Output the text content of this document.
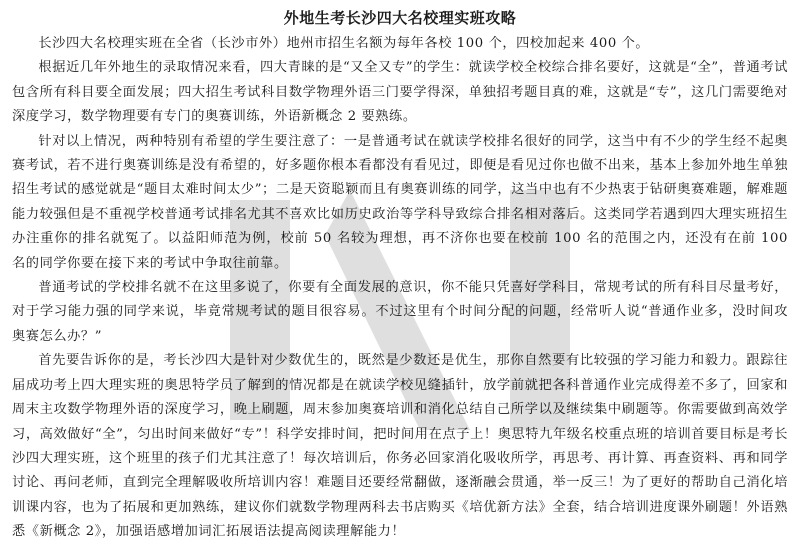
外地生考长沙四大名校理实班攻略

长沙四大名校理实班在全省（长沙市外）地州市招生名额为每年各校 100 个，四校加起来 400 个。

根据近几年外地生的录取情况来看，四大青睐的是“又全又专”的学生：就读学校全校综合排名要好，这就是“全”，普通考试包含所有科目要全面发展；四大招生考试科目数学物理外语三门要学得深，单独招考题目真的难，这就是“专”，这几门需要绝对深度学习，数学物理要有专门的奥赛训练，外语新概念 2 要熟练。

针对以上情况，两种特别有希望的学生要注意了：一是普通考试在就读学校排名很好的同学，这当中有不少的学生经不起奥赛考试，若不进行奥赛训练是没有希望的，好多题你根本看都没有看见过，即便是看见过你也做不出来，基本上参加外地生单独招生考试的感觉就是“题目太难时间太少”；二是天资聪颖而且有奥赛训练的同学，这当中也有不少热衷于钻研奥赛难题，解难题能力较强但是不重视学校普通考试排名尤其不喜欢比如历史政治等学科导致综合排名相对落后。这类同学若遇到四大理实班招生办注重你的排名就冤了。以益阳师范为例，校前 50 名较为理想，再不济你也要在校前 100 名的范围之内，还没有在前 100 名的同学你要在接下来的考试中争取往前靠。

普通考试的学校排名就不在这里多说了，你要有全面发展的意识，你不能只凭喜好学科目，常规考试的所有科目尽量考好，对于学习能力强的同学来说，毕竟常规考试的题目很容易。不过这里有个时间分配的问题，经常听人说“普通作业多，没时间攻奥赛怎么办？”

首先要告诉你的是，考长沙四大是针对少数优生的，既然是少数还是优生，那你自然要有比较强的学习能力和毅力。跟踪往届成功考上四大理实班的奥思特学员了解到的情况都是在就读学校见缝插针，放学前就把各科普通作业完成得差不多了，回家和周末主攻数学物理外语的深度学习，晚上刷题，周末参加奥赛培训和消化总结自己所学以及继续集中刷题等。你需要做到高效学习，高效做好“全”，匀出时间来做好“专”！科学安排时间，把时间用在点子上！奥思特九年级名校重点班的培训首要目标是考长沙四大理实班，这个班里的孩子们尤其注意了！每次培训后，你务必回家消化吸收所学，再思考、再计算、再查资料、再和同学讨论、再问老师，直到完全理解吸收所培训内容！难题目还要经常翻做，逐渐融会贯通，举一反三！为了更好的帮助自己消化培训课内容，也为了拓展和更加熟练，建议你们就数学物理两科去书店购买《培优新方法》全套，结合培训进度课外刷题！外语熟悉《新概念 2》，加强语感增加词汇拓展语法提高阅读理解能力！
